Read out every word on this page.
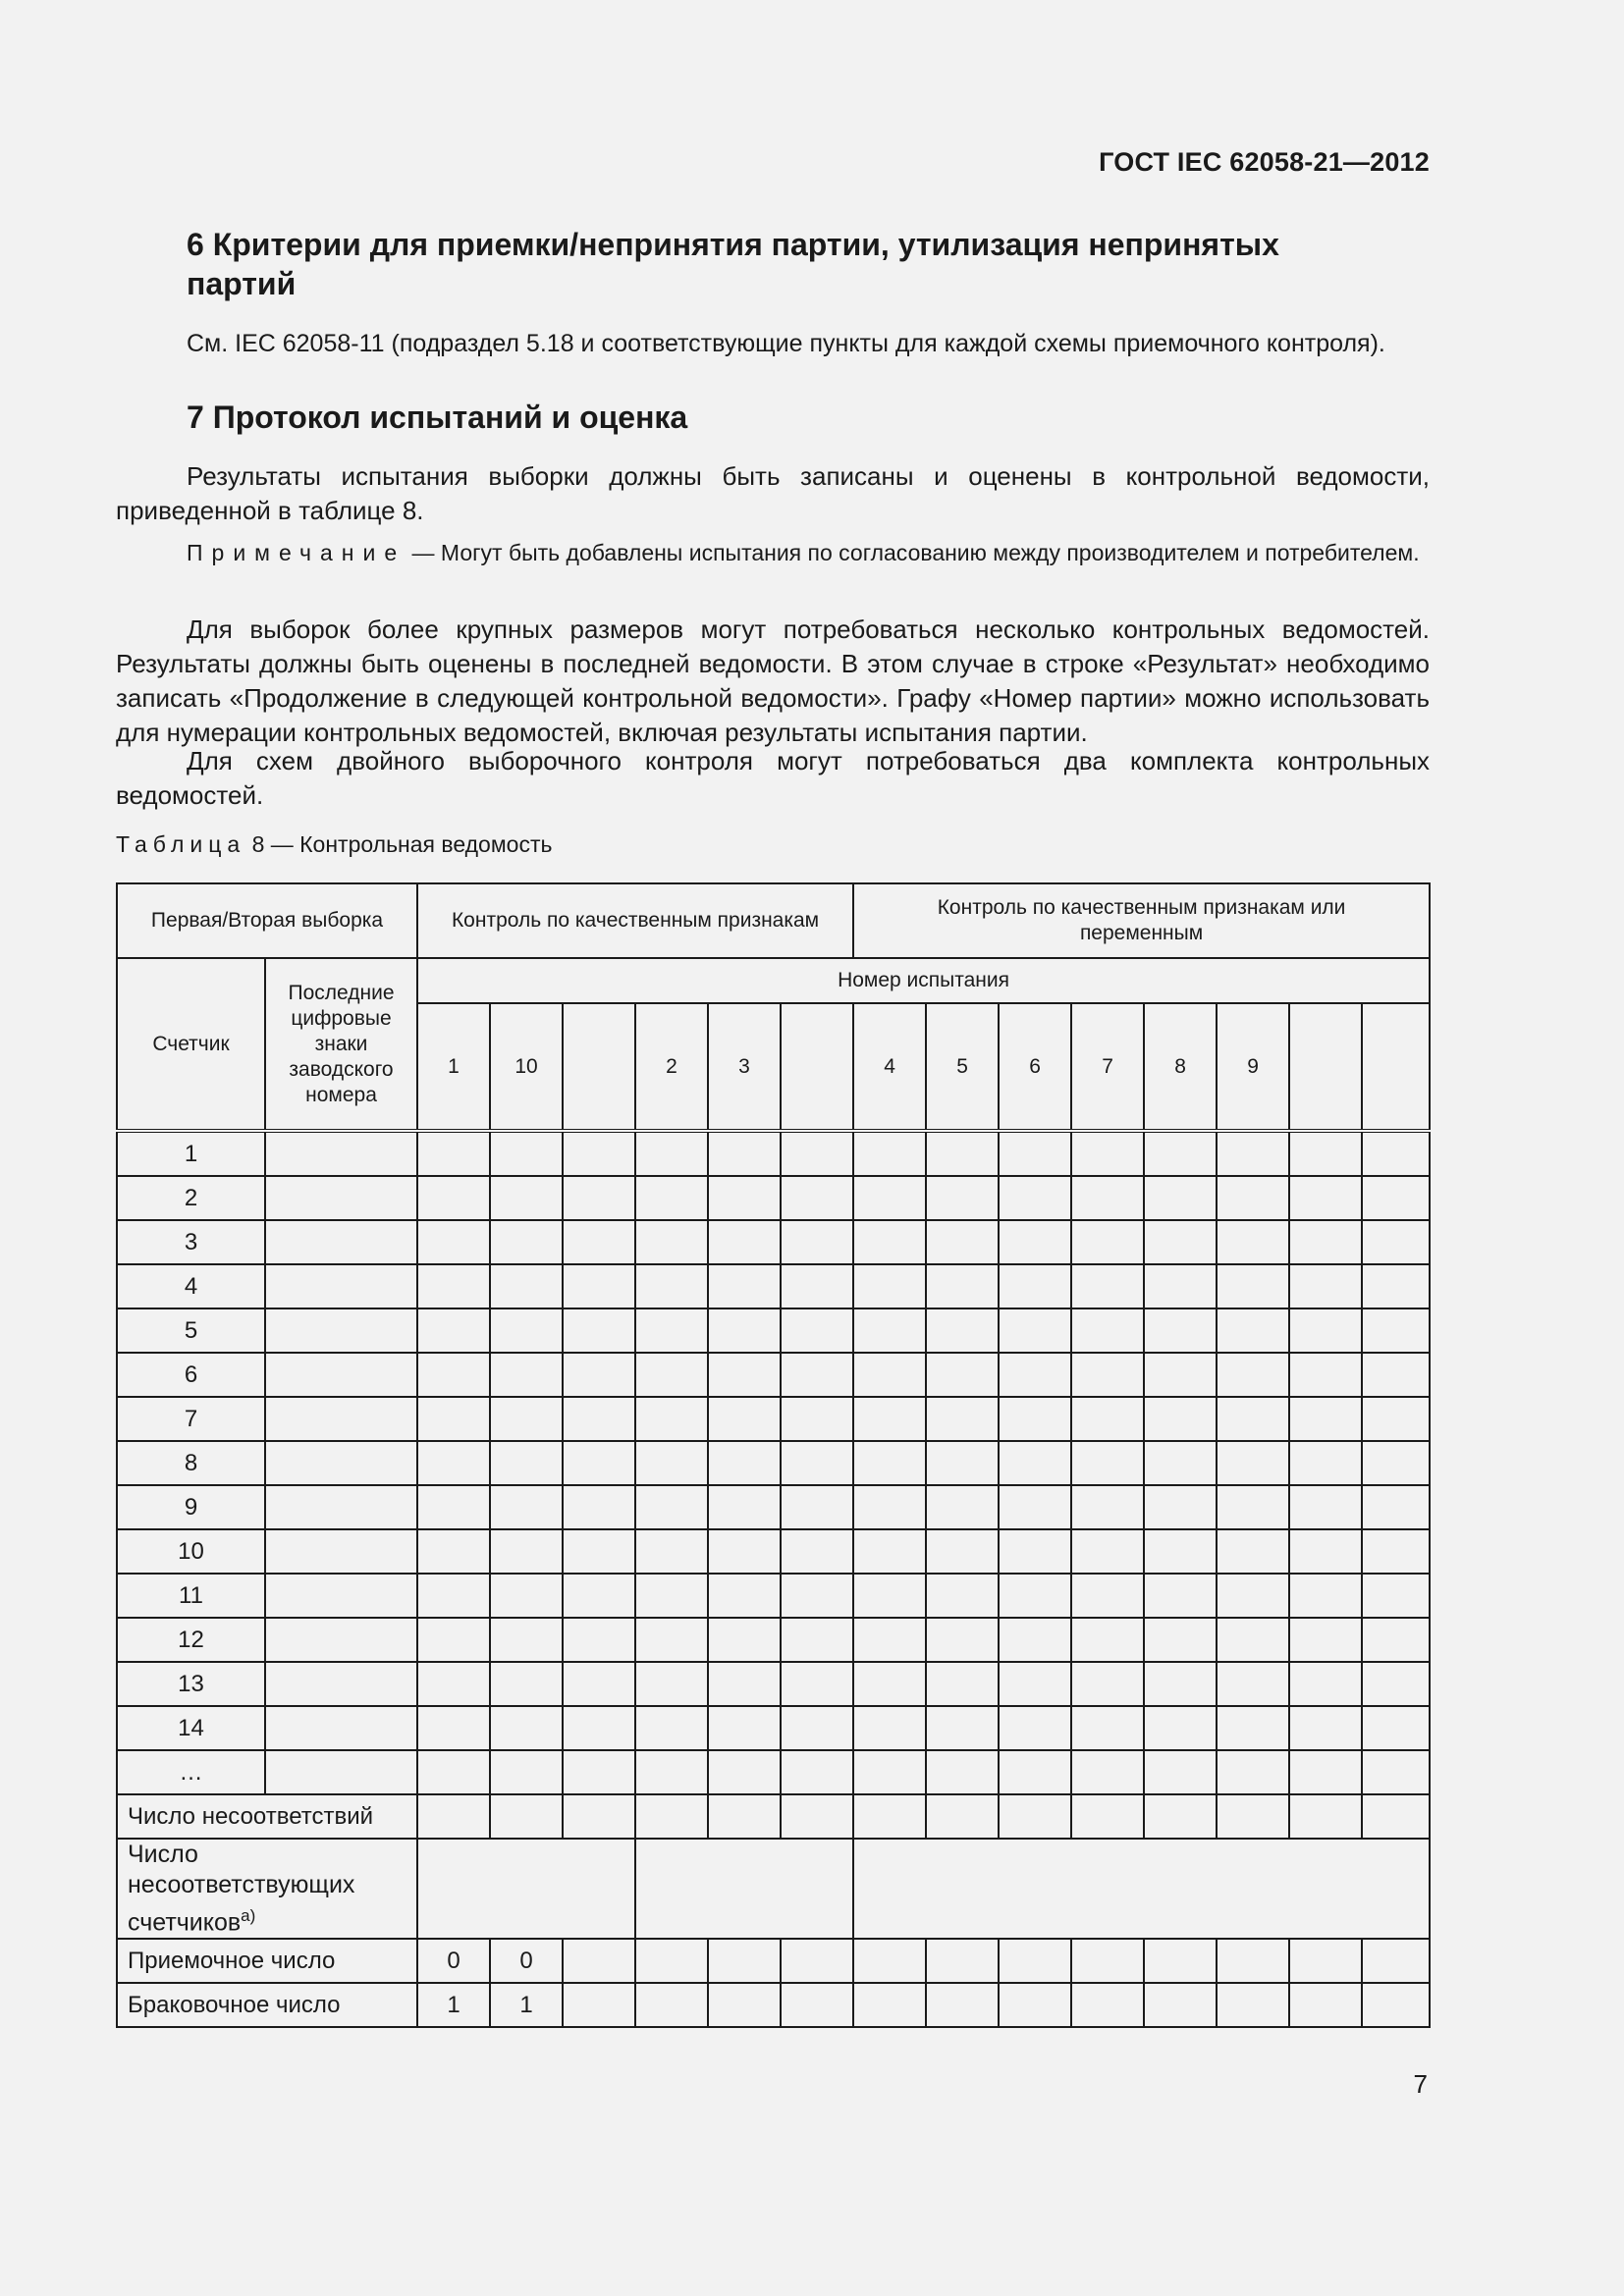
ГОСТ IEC 62058-21—2012
6 Критерии для приемки/непринятия партии, утилизация непринятых
партий
См. IEC 62058-11 (подраздел 5.18 и соответствующие пункты для каждой схемы приемочного контроля).
7 Протокол испытаний и оценка
Результаты испытания выборки должны быть записаны и оценены в контрольной ведомости, приведенной в таблице 8.
Примечание — Могут быть добавлены испытания по согласованию между производителем и потребителем.
Для выборок более крупных размеров могут потребоваться несколько контрольных ведомостей. Результаты должны быть оценены в последней ведомости. В этом случае в строке «Результат» необходимо записать «Продолжение в следующей контрольной ведомости». Графу «Номер партии» можно использовать для нумерации контрольных ведомостей, включая результаты испытания партии.
Для схем двойного выборочного контроля могут потребоваться два комплекта контрольных ведомостей.
Таблица 8 — Контрольная ведомость
Первая/Вторая выборка		Контроль по качественным признакам						Контроль по качественным признакам или переменным							
Счетчик	Последние цифровые знаки заводского номера	Номер испытания													
		1	10		2	3		4	5	6	7	8	9		
1															
2															
3															
4															
5															
6															
7															
8															
9															
10															
11															
12															
13															
14															
…															
Число несоответствий															
Число несоответствующих счетчиков$^{a)}$			
Приемочное число		0	0												
Браковочное число		1	1												
7
